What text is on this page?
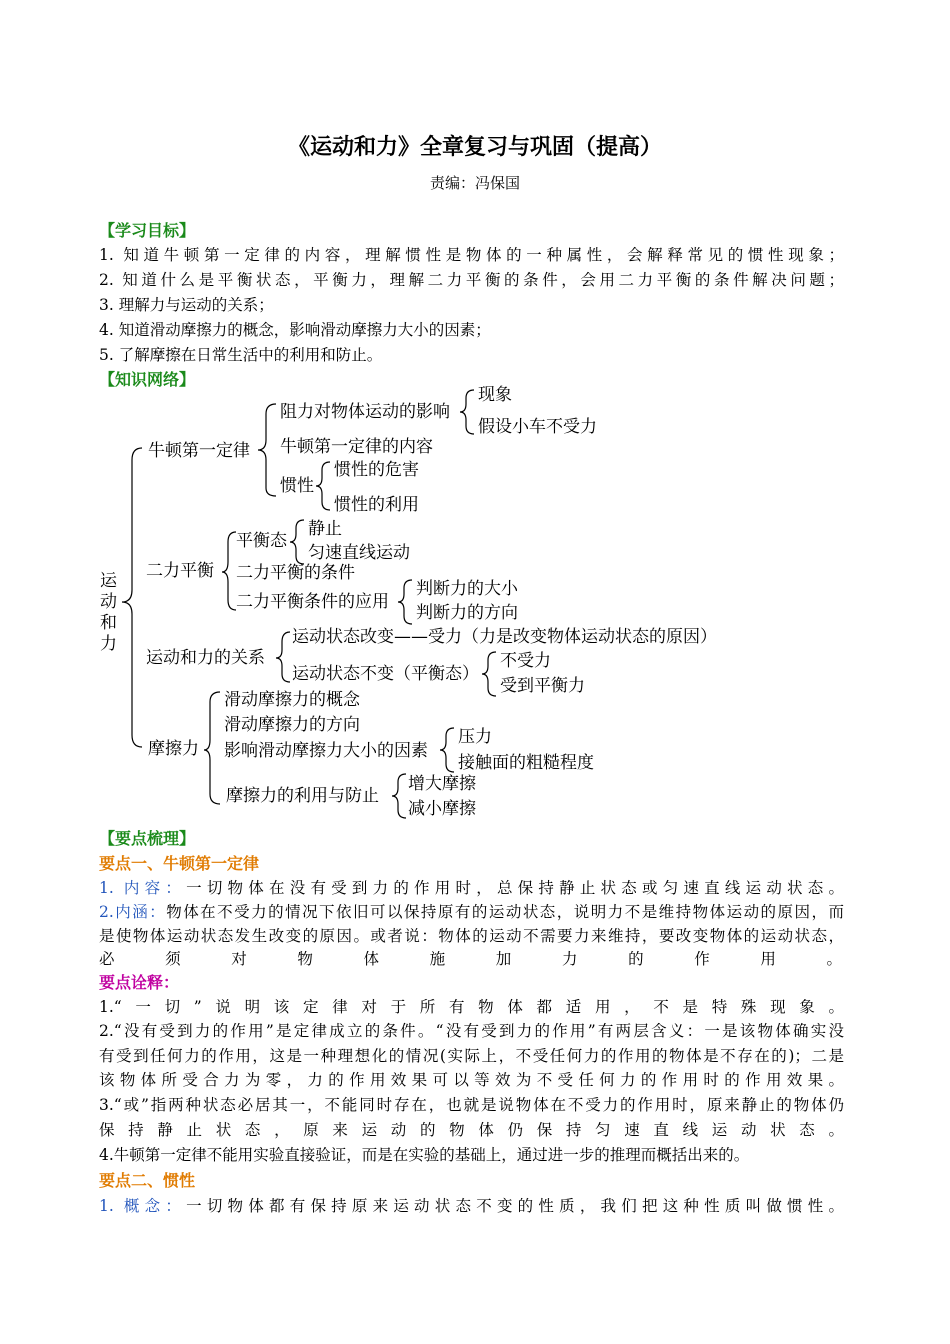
《运动和力》全章复习与巩固（提高）
责编：冯保国
【学习目标】
1. 知道牛顿第一定律的内容，理解惯性是物体的一种属性，会解释常见的惯性现象；
2. 知道什么是平衡状态，平衡力，理解二力平衡的条件，会用二力平衡的条件解决问题；
3. 理解力与运动的关系；
4. 知道滑动摩擦力的概念，影响滑动摩擦力大小的因素；
5. 了解摩擦在日常生活中的利用和防止。
【知识网络】
运
动
和
力
牛顿第一定律
阻力对物体运动的影响
现象
假设小车不受力
牛顿第一定律的内容
惯性
惯性的危害
惯性的利用
二力平衡
平衡态
静止
匀速直线运动
二力平衡的条件
二力平衡条件的应用
判断力的大小
判断力的方向
运动和力的关系
运动状态改变——受力（力是改变物体运动状态的原因）
运动状态不变（平衡态）
不受力
受到平衡力
摩擦力
滑动摩擦力的概念
滑动摩擦力的方向
影响滑动摩擦力大小的因素
压力
接触面的粗糙程度
摩擦力的利用与防止
增大摩擦
减小摩擦
【要点梳理】
要点一、牛顿第一定律
1. 内容：一切物体在没有受到力的作用时，总保持静止状态或匀速直线运动状态。
2.内涵：物体在不受力的情况下依旧可以保持原有的运动状态，说明力不是维持物体运动的原因，而
是使物体运动状态发生改变的原因。或者说：物体的运动不需要力来维持，要改变物体的运动状态，
必须对物体施加力的作用。
要点诠释：
1.“一切”说明该定律对于所有物体都适用，不是特殊现象。
2.“没有受到力的作用”是定律成立的条件。“没有受到力的作用”有两层含义：一是该物体确实没
有受到任何力的作用，这是一种理想化的情况(实际上，不受任何力的作用的物体是不存在的)；二是
该物体所受合力为零，力的作用效果可以等效为不受任何力的作用时的作用效果。
3.“或”指两种状态必居其一，不能同时存在，也就是说物体在不受力的作用时，原来静止的物体仍
保持静止状态，原来运动的物体仍保持匀速直线运动状态。
4.牛顿第一定律不能用实验直接验证，而是在实验的基础上，通过进一步的推理而概括出来的。
要点二、惯性
1. 概念：一切物体都有保持原来运动状态不变的性质，我们把这种性质叫做惯性。
